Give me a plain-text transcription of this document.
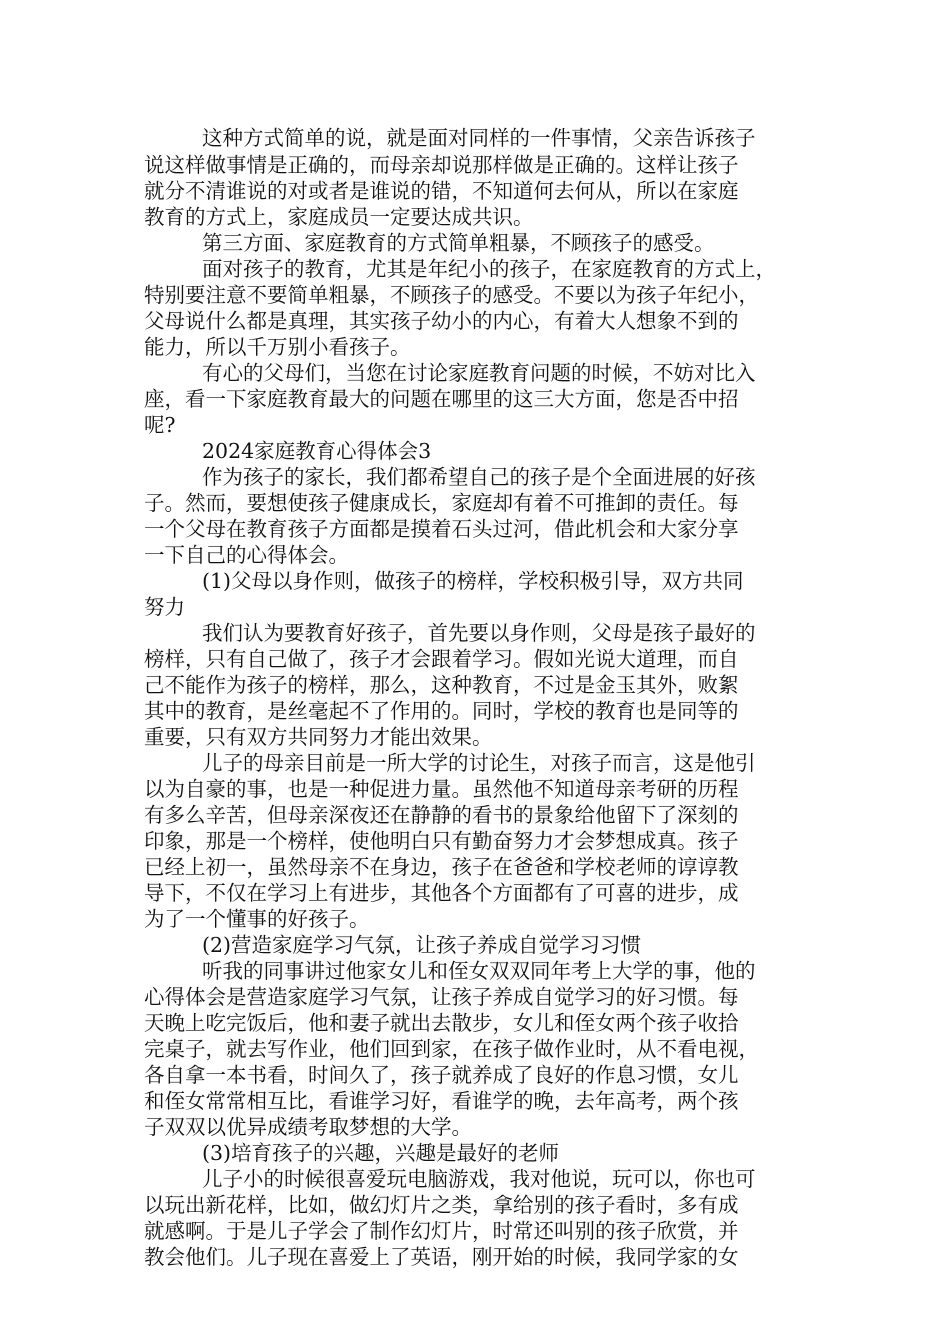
这种方式简单的说，就是面对同样的一件事情，父亲告诉孩子

说这样做事情是正确的，而母亲却说那样做是正确的。这样让孩子

就分不清谁说的对或者是谁说的错，不知道何去何从，所以在家庭

教育的方式上，家庭成员一定要达成共识。

第三方面、家庭教育的方式简单粗暴，不顾孩子的感受。

面对孩子的教育，尤其是年纪小的孩子，在家庭教育的方式上，

特别要注意不要简单粗暴，不顾孩子的感受。不要以为孩子年纪小，

父母说什么都是真理，其实孩子幼小的内心，有着大人想象不到的

能力，所以千万别小看孩子。

有心的父母们，当您在讨论家庭教育问题的时候，不妨对比入

座，看一下家庭教育最大的问题在哪里的这三大方面，您是否中招

呢?

2024家庭教育心得体会3

作为孩子的家长，我们都希望自己的孩子是个全面进展的好孩

子。然而，要想使孩子健康成长，家庭却有着不可推卸的责任。每

一个父母在教育孩子方面都是摸着石头过河，借此机会和大家分享

一下自己的心得体会。

(1)父母以身作则，做孩子的榜样，学校积极引导，双方共同

努力

我们认为要教育好孩子，首先要以身作则，父母是孩子最好的

榜样，只有自己做了，孩子才会跟着学习。假如光说大道理，而自

己不能作为孩子的榜样，那么，这种教育，不过是金玉其外，败絮

其中的教育，是丝毫起不了作用的。同时，学校的教育也是同等的

重要，只有双方共同努力才能出效果。

儿子的母亲目前是一所大学的讨论生，对孩子而言，这是他引

以为自豪的事，也是一种促进力量。虽然他不知道母亲考研的历程

有多么辛苦，但母亲深夜还在静静的看书的景象给他留下了深刻的

印象，那是一个榜样，使他明白只有勤奋努力才会梦想成真。孩子

已经上初一，虽然母亲不在身边，孩子在爸爸和学校老师的谆谆教

导下，不仅在学习上有进步，其他各个方面都有了可喜的进步，成

为了一个懂事的好孩子。

(2)营造家庭学习气氛，让孩子养成自觉学习习惯

听我的同事讲过他家女儿和侄女双双同年考上大学的事，他的

心得体会是营造家庭学习气氛，让孩子养成自觉学习的好习惯。每

天晚上吃完饭后，他和妻子就出去散步，女儿和侄女两个孩子收拾

完桌子，就去写作业，他们回到家，在孩子做作业时，从不看电视，

各自拿一本书看，时间久了，孩子就养成了良好的作息习惯，女儿

和侄女常常相互比，看谁学习好，看谁学的晚，去年高考，两个孩

子双双以优异成绩考取梦想的大学。

(3)培育孩子的兴趣，兴趣是最好的老师

儿子小的时候很喜爱玩电脑游戏，我对他说，玩可以，你也可

以玩出新花样，比如，做幻灯片之类，拿给别的孩子看时，多有成

就感啊。于是儿子学会了制作幻灯片，时常还叫别的孩子欣赏，并

教会他们。儿子现在喜爱上了英语，刚开始的时候，我同学家的女
